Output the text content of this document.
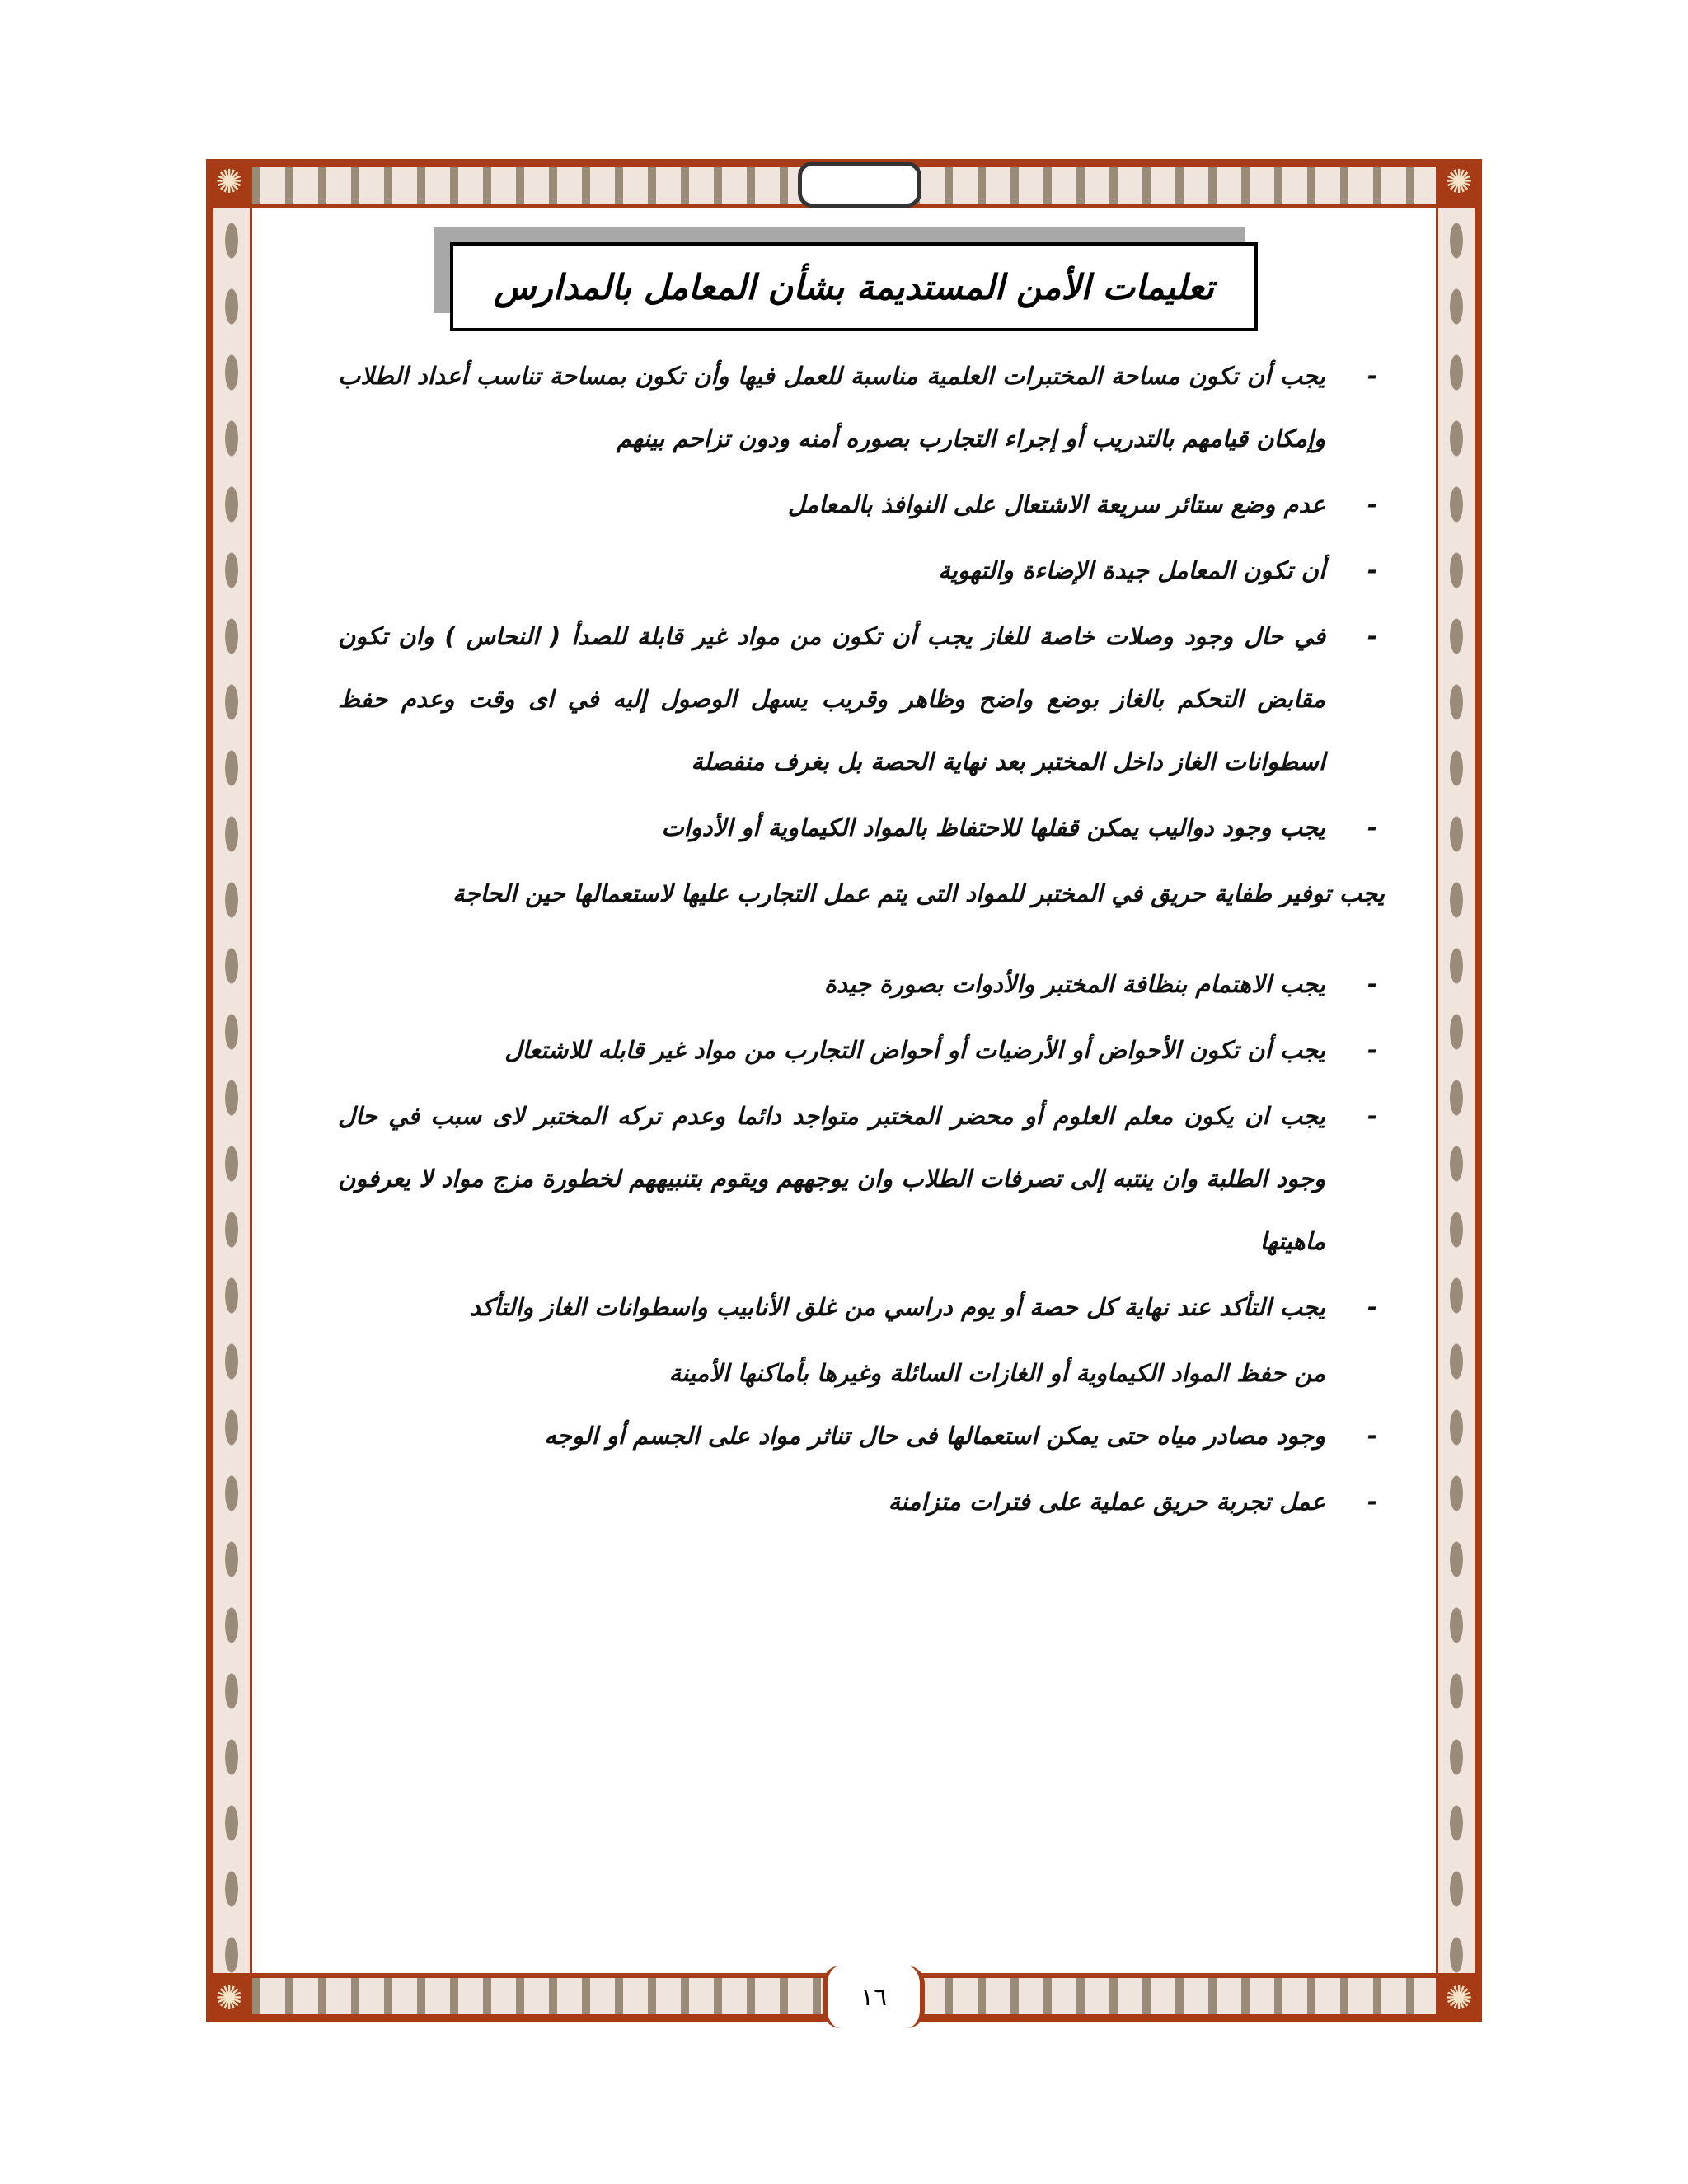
✺	✺
✺	✺
تعليمات الأمن المستديمة بشأن المعامل بالمدارس
-
يجب أن تكون مساحة المختبرات العلمية مناسبة للعمل فيها وأن تكون بمساحة تناسب أعداد الطلاب وإمكان قيامهم بالتدريب أو إجراء التجارب بصوره أمنه ودون تزاحم بينهم
-
عدم وضع ستائر سريعة الاشتعال على النوافذ بالمعامل
-
أن تكون المعامل جيدة الإضاءة والتهوية
-
في حال وجود وصلات خاصة للغاز يجب أن تكون من مواد غير قابلة للصدأ ( النحاس ) وان تكون مقابض التحكم بالغاز بوضع واضح وظاهر وقريب يسهل الوصول إليه في اى وقت وعدم حفظ اسطوانات الغاز داخل المختبر بعد نهاية الحصة بل بغرف منفصلة
-
يجب وجود دواليب يمكن قفلها للاحتفاظ بالمواد الكيماوية أو الأدوات
يجب توفير طفاية حريق في المختبر للمواد التى يتم عمل التجارب عليها لاستعمالها حين الحاجة
-
يجب الاهتمام بنظافة المختبر والأدوات بصورة جيدة
-
يجب أن تكون الأحواض أو الأرضيات أو أحواض التجارب من مواد غير قابله للاشتعال
-
يجب ان يكون معلم العلوم أو محضر المختبر متواجد دائما وعدم تركه المختبر لاى سبب في حال وجود الطلبة وان ينتبه إلى تصرفات الطلاب وان يوجههم ويقوم بتنبيههم لخطورة مزج مواد لا يعرفون ماهيتها
-
يجب التأكد عند نهاية كل حصة أو يوم دراسي من غلق الأنابيب واسطوانات الغاز والتأكد
من حفظ المواد الكيماوية أو الغازات السائلة وغيرها بأماكنها الأمينة
-
وجود مصادر مياه حتى يمكن استعمالها فى حال تناثر مواد على الجسم أو الوجه
-
عمل تجربة حريق عملية على فترات متزامنة
١٦
